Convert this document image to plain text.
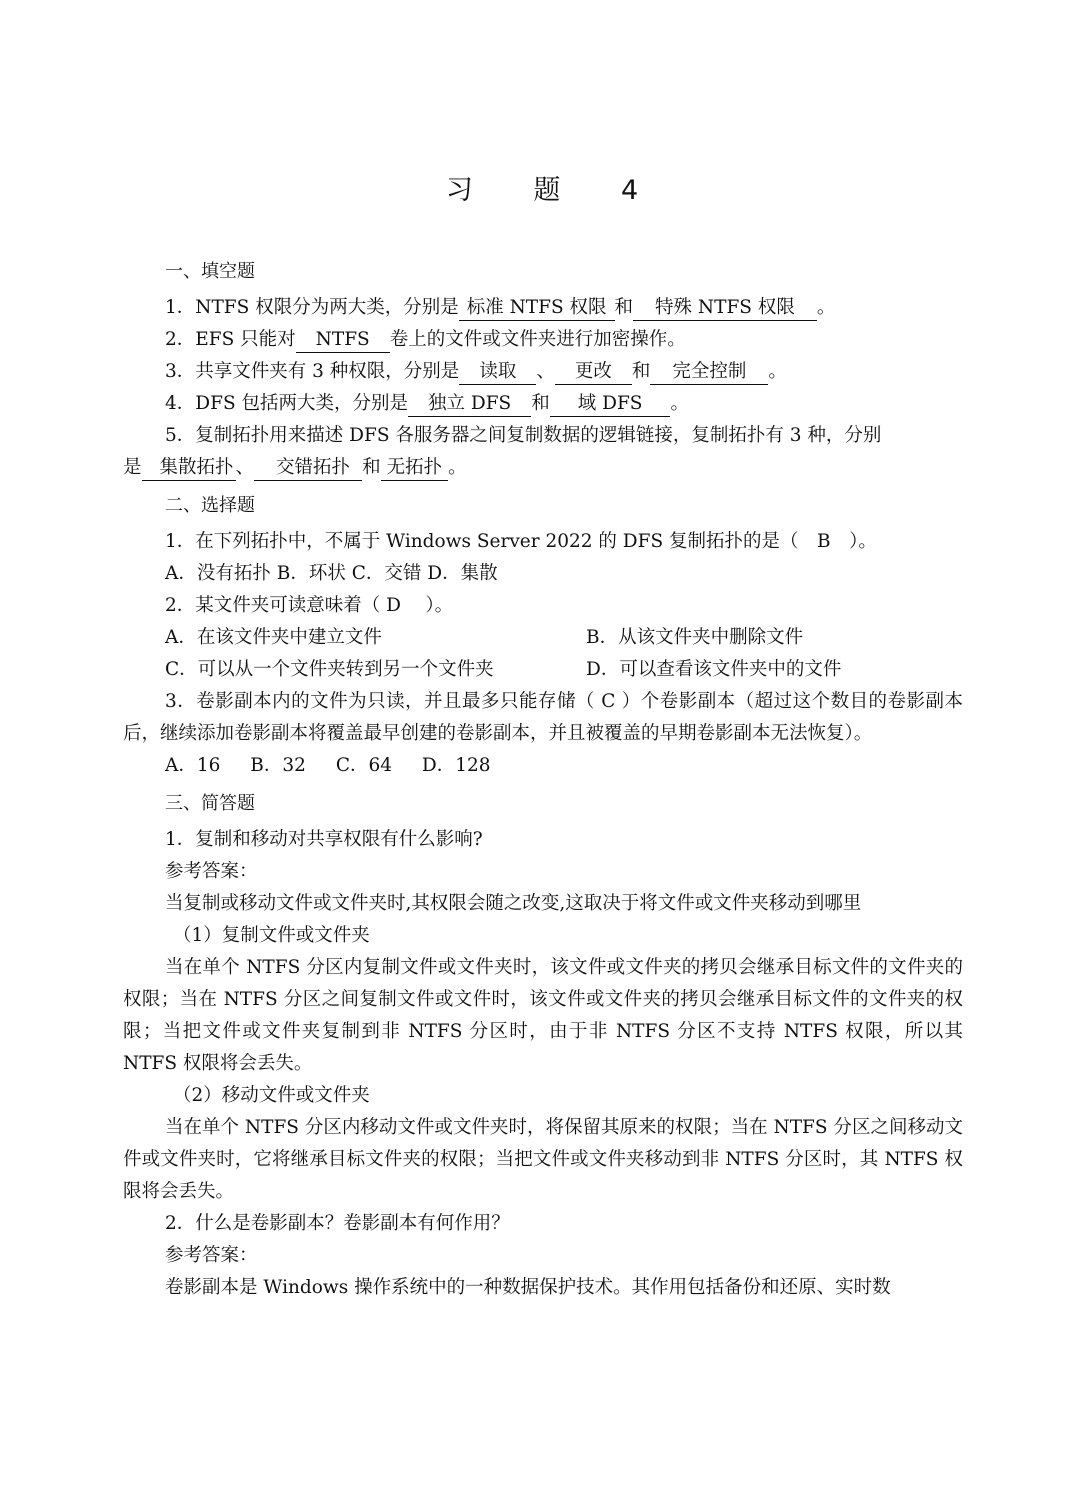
习 题 4
一、填空题
1．NTFS 权限分为两大类，分别是 标准 NTFS 权限 和 特殊 NTFS 权限 。
2．EFS 只能对 NTFS 卷上的文件或文件夹进行加密操作。
3．共享文件夹有 3 种权限，分别是 读取 、 更改 和 完全控制 。
4．DFS 包括两大类，分别是 独立 DFS 和 域 DFS 。
5．复制拓扑用来描述 DFS 各服务器之间复制数据的逻辑链接，复制拓扑有 3 种，分别
是 集散拓扑 、 交错拓扑 和 无拓扑 。
二、选择题
1．在下列拓扑中，不属于 Windows Server 2022 的 DFS 复制拓扑的是（　B　）。
A．没有拓扑 B．环状 C．交错 D．集散
2．某文件夹可读意味着（ D　 ）。
A．在该文件夹中建立文件	B．从该文件夹中删除文件
C．可以从一个文件夹转到另一个文件夹	D．可以查看该文件夹中的文件

3．卷影副本内的文件为只读，并且最多只能存储（ C ）个卷影副本（超过这个数目的卷影副本后，继续添加卷影副本将覆盖最早创建的卷影副本，并且被覆盖的早期卷影副本无法恢复）。

A．16 B．32 C．64 D．128
三、简答题
1．复制和移动对共享权限有什么影响?
参考答案：
当复制或移动文件或文件夹时,其权限会随之改变,这取决于将文件或文件夹移动到哪里
（1）复制文件或文件夹

当在单个 NTFS 分区内复制文件或文件夹时，该文件或文件夹的拷贝会继承目标文件的文件夹的权限；当在 NTFS 分区之间复制文件或文件时，该文件或文件夹的拷贝会继承目标文件的文件夹的权限；当把文件或文件夹复制到非 NTFS 分区时，由于非 NTFS 分区不支持 NTFS 权限，所以其 NTFS 权限将会丢失。

（2）移动文件或文件夹

当在单个 NTFS 分区内移动文件或文件夹时，将保留其原来的权限；当在 NTFS 分区之间移动文件或文件夹时，它将继承目标文件夹的权限；当把文件或文件夹移动到非 NTFS 分区时，其 NTFS 权限将会丢失。

2．什么是卷影副本？卷影副本有何作用？
参考答案：
卷影副本是 Windows 操作系统中的一种数据保护技术。其作用包括备份和还原、实时数
